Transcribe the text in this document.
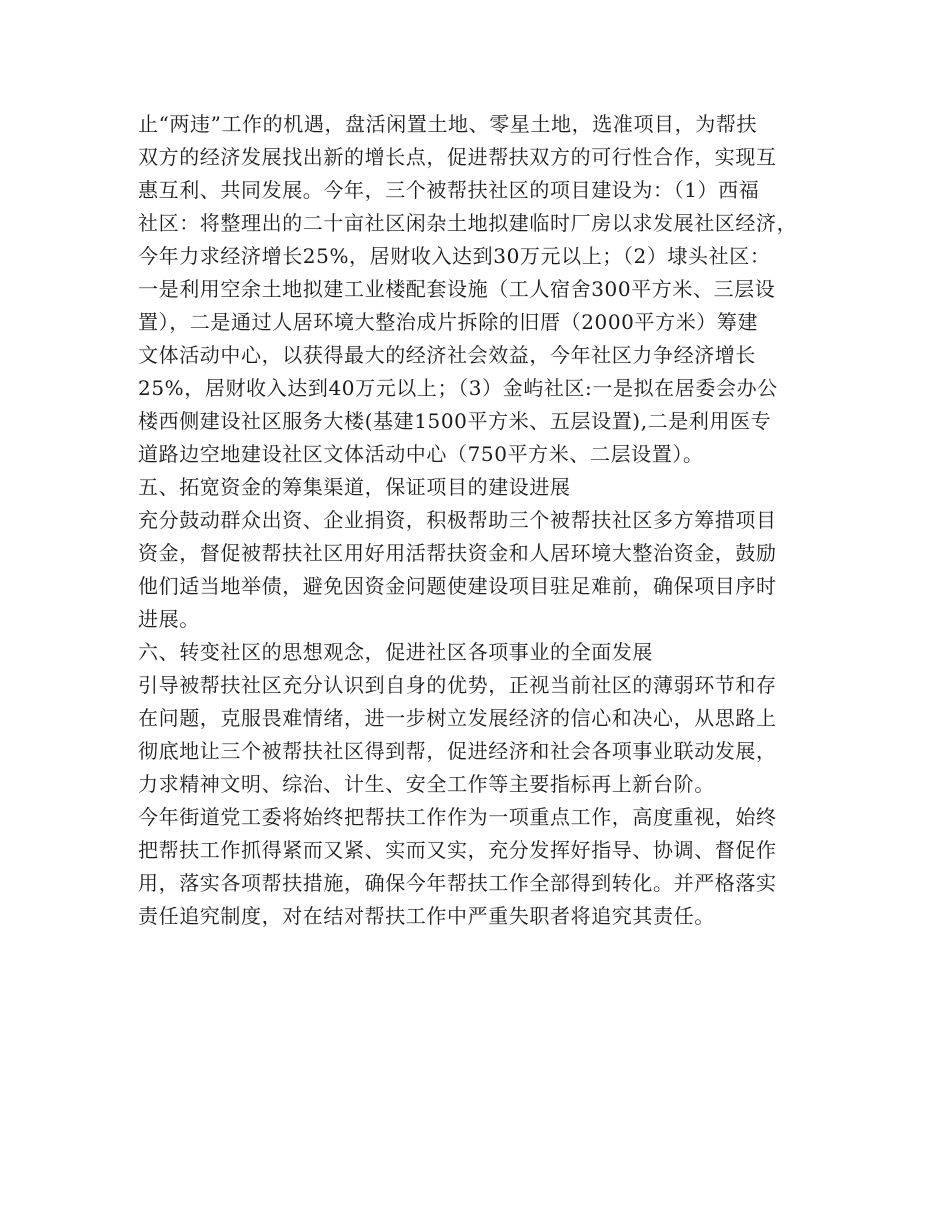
止“两违”工作的机遇，盘活闲置土地、零星土地，选准项目，为帮扶
双方的经济发展找出新的增长点，促进帮扶双方的可行性合作，实现互
惠互利、共同发展。今年，三个被帮扶社区的项目建设为：（1）西福
社区：将整理出的二十亩社区闲杂土地拟建临时厂房以求发展社区经济，
今年力求经济增长25%，居财收入达到30万元以上；（2）埭头社区：
一是利用空余土地拟建工业楼配套设施（工人宿舍300平方米、三层设
置），二是通过人居环境大整治成片拆除的旧厝（2000平方米）筹建
文体活动中心，以获得最大的经济社会效益，今年社区力争经济增长
25%，居财收入达到40万元以上；（3）金屿社区:一是拟在居委会办公
楼西侧建设社区服务大楼(基建1500平方米、五层设置),二是利用医专
道路边空地建设社区文体活动中心（750平方米、二层设置）。
五、拓宽资金的筹集渠道，保证项目的建设进展
充分鼓动群众出资、企业捐资，积极帮助三个被帮扶社区多方筹措项目
资金，督促被帮扶社区用好用活帮扶资金和人居环境大整治资金，鼓励
他们适当地举债，避免因资金问题使建设项目驻足难前，确保项目序时
进展。
六、转变社区的思想观念，促进社区各项事业的全面发展
引导被帮扶社区充分认识到自身的优势，正视当前社区的薄弱环节和存
在问题，克服畏难情绪，进一步树立发展经济的信心和决心，从思路上
彻底地让三个被帮扶社区得到帮，促进经济和社会各项事业联动发展，
力求精神文明、综治、计生、安全工作等主要指标再上新台阶。
今年街道党工委将始终把帮扶工作作为一项重点工作，高度重视，始终
把帮扶工作抓得紧而又紧、实而又实，充分发挥好指导、协调、督促作
用，落实各项帮扶措施，确保今年帮扶工作全部得到转化。并严格落实
责任追究制度，对在结对帮扶工作中严重失职者将追究其责任。
